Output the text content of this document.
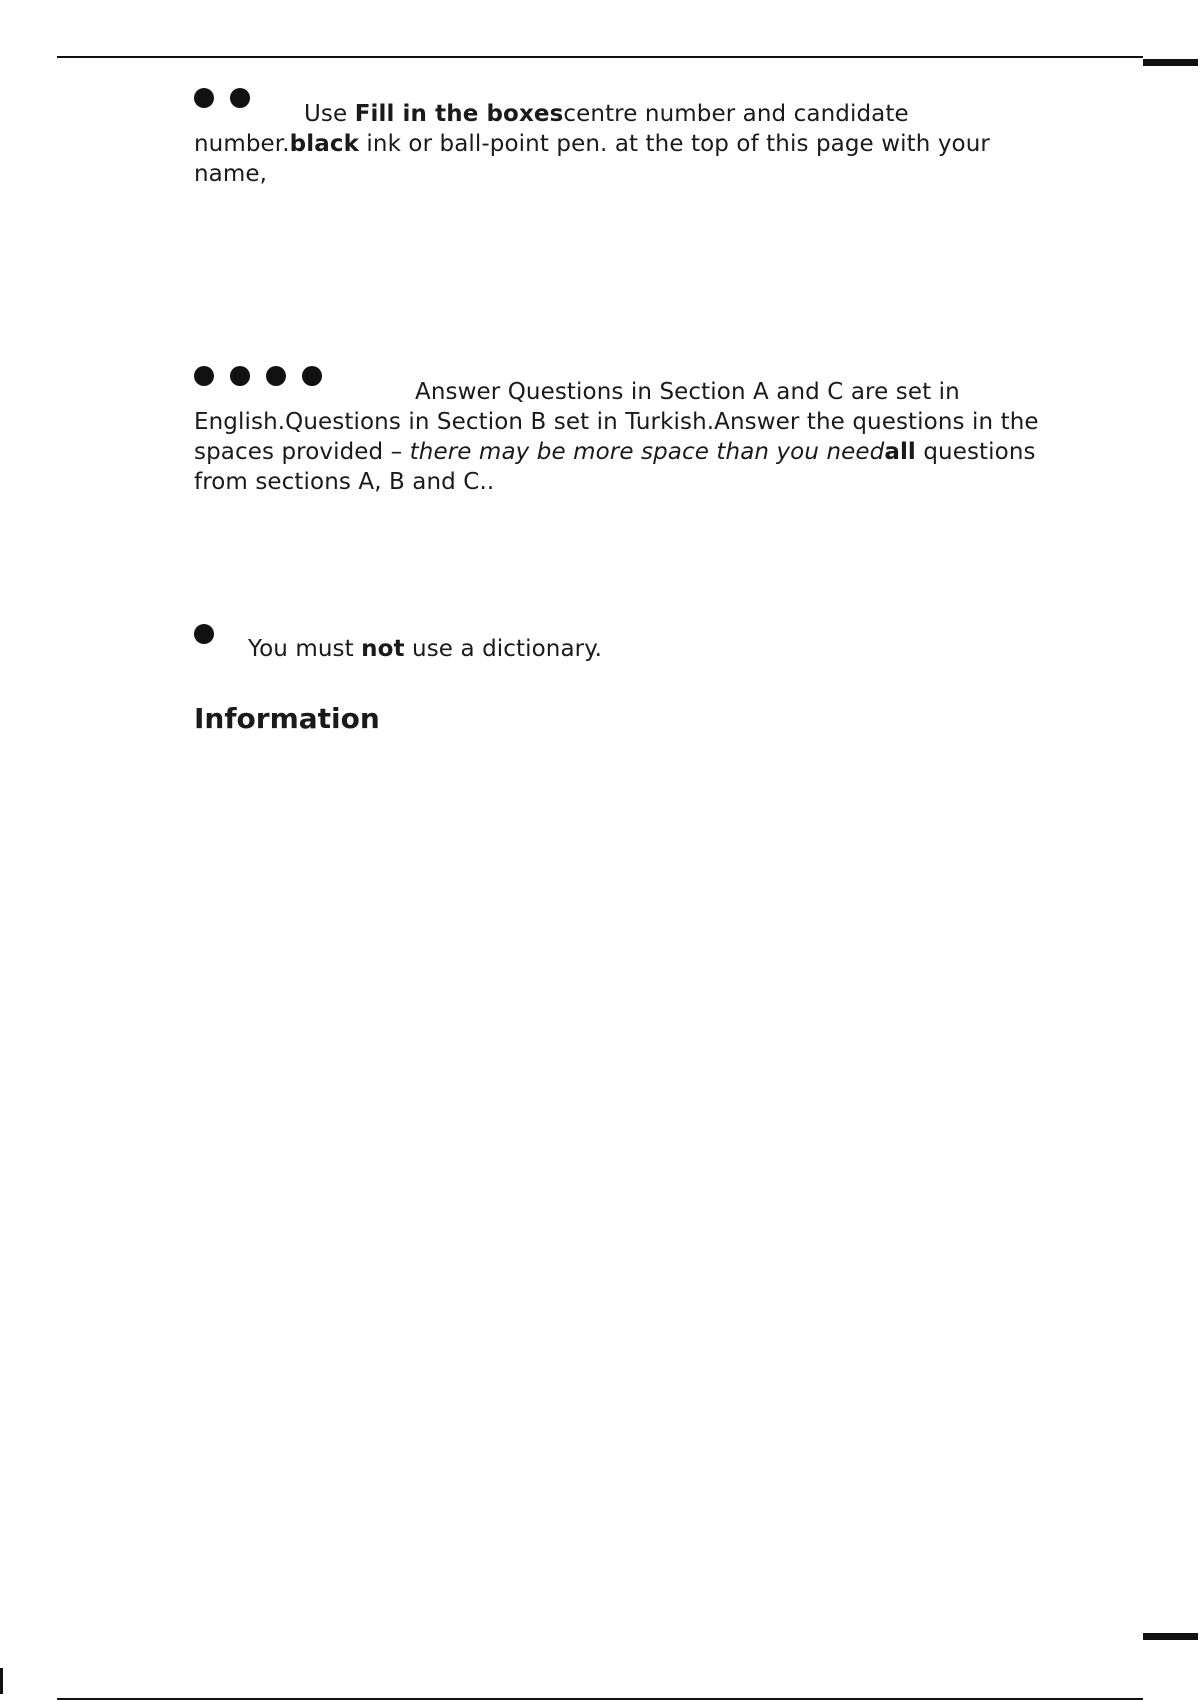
Use Fill in the boxescentre number and candidate
number.black ink or ball-point pen. at the top of this page with your
name,
Answer Questions in Section A and C are set in
English.Questions in Section B set in Turkish.Answer the questions in the
spaces provided – there may be more space than you needall questions
from sections A, B and C..
You must not use a dictionary.
Information
